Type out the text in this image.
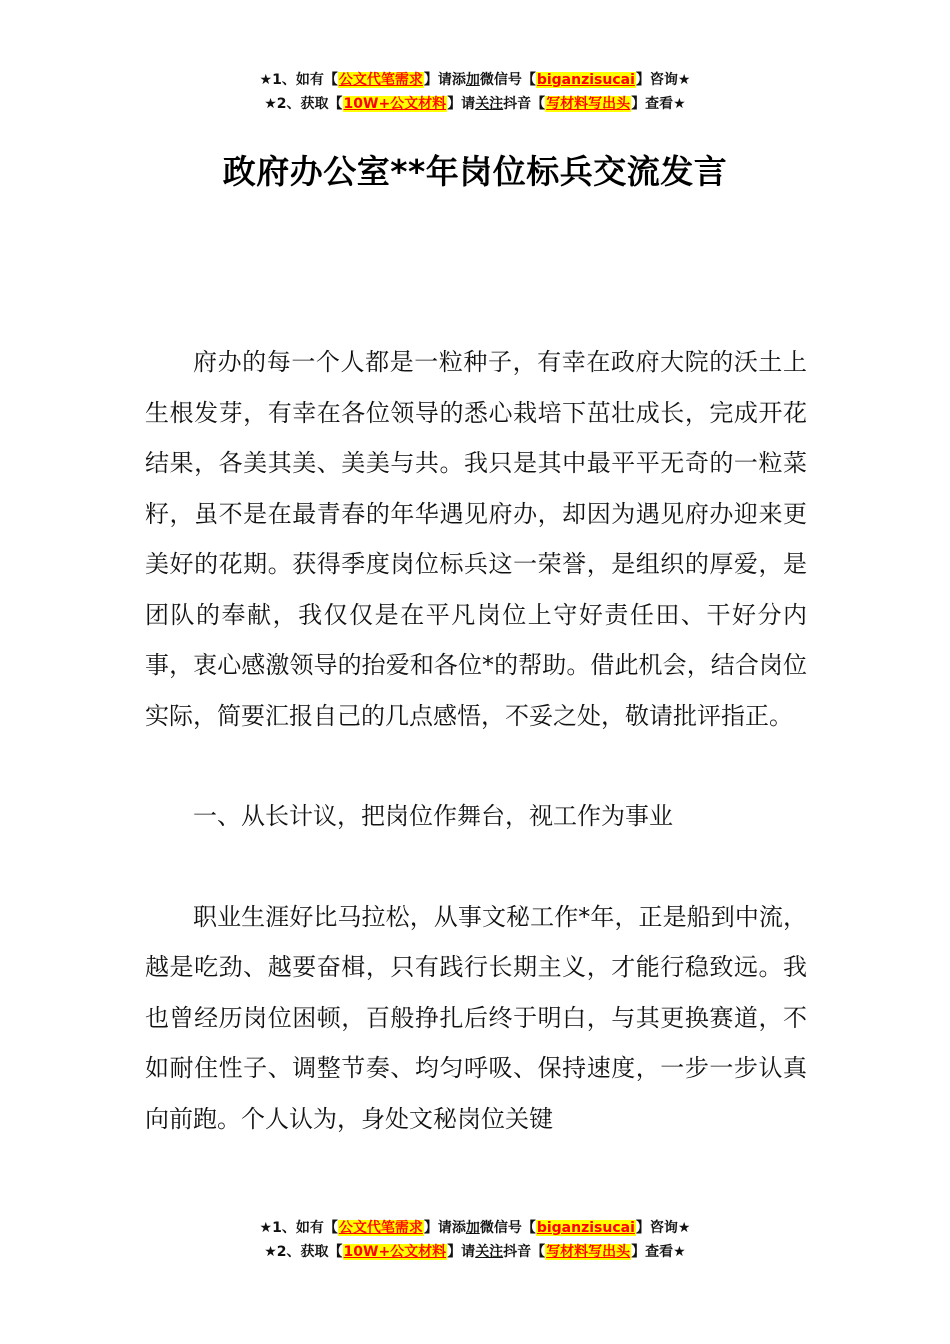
★1、如有【公文代笔需求】请添加微信号【biganzisucai】咨询★
★2、获取【10W+公文材料】请关注抖音【写材料写出头】查看★
政府办公室**年岗位标兵交流发言

府办的每一个人都是一粒种子，有幸在政府大院的沃土上生根发芽，有幸在各位领导的悉心栽培下茁壮成长，完成开花结果，各美其美、美美与共。我只是其中最平平无奇的一粒菜籽，虽不是在最青春的年华遇见府办，却因为遇见府办迎来更美好的花期。获得季度岗位标兵这一荣誉，是组织的厚爱，是团队的奉献，我仅仅是在平凡岗位上守好责任田、干好分内事，衷心感激领导的抬爱和各位*的帮助。借此机会，结合岗位实际，简要汇报自己的几点感悟，不妥之处，敬请批评指正。

一、从长计议，把岗位作舞台，视工作为事业

职业生涯好比马拉松，从事文秘工作*年，正是船到中流，越是吃劲、越要奋楫，只有践行长期主义，才能行稳致远。我也曾经历岗位困顿，百般挣扎后终于明白，与其更换赛道，不如耐住性子、调整节奏、均匀呼吸、保持速度，一步一步认真向前跑。个人认为，身处文秘岗位关键

★1、如有【公文代笔需求】请添加微信号【biganzisucai】咨询★
★2、获取【10W+公文材料】请关注抖音【写材料写出头】查看★
